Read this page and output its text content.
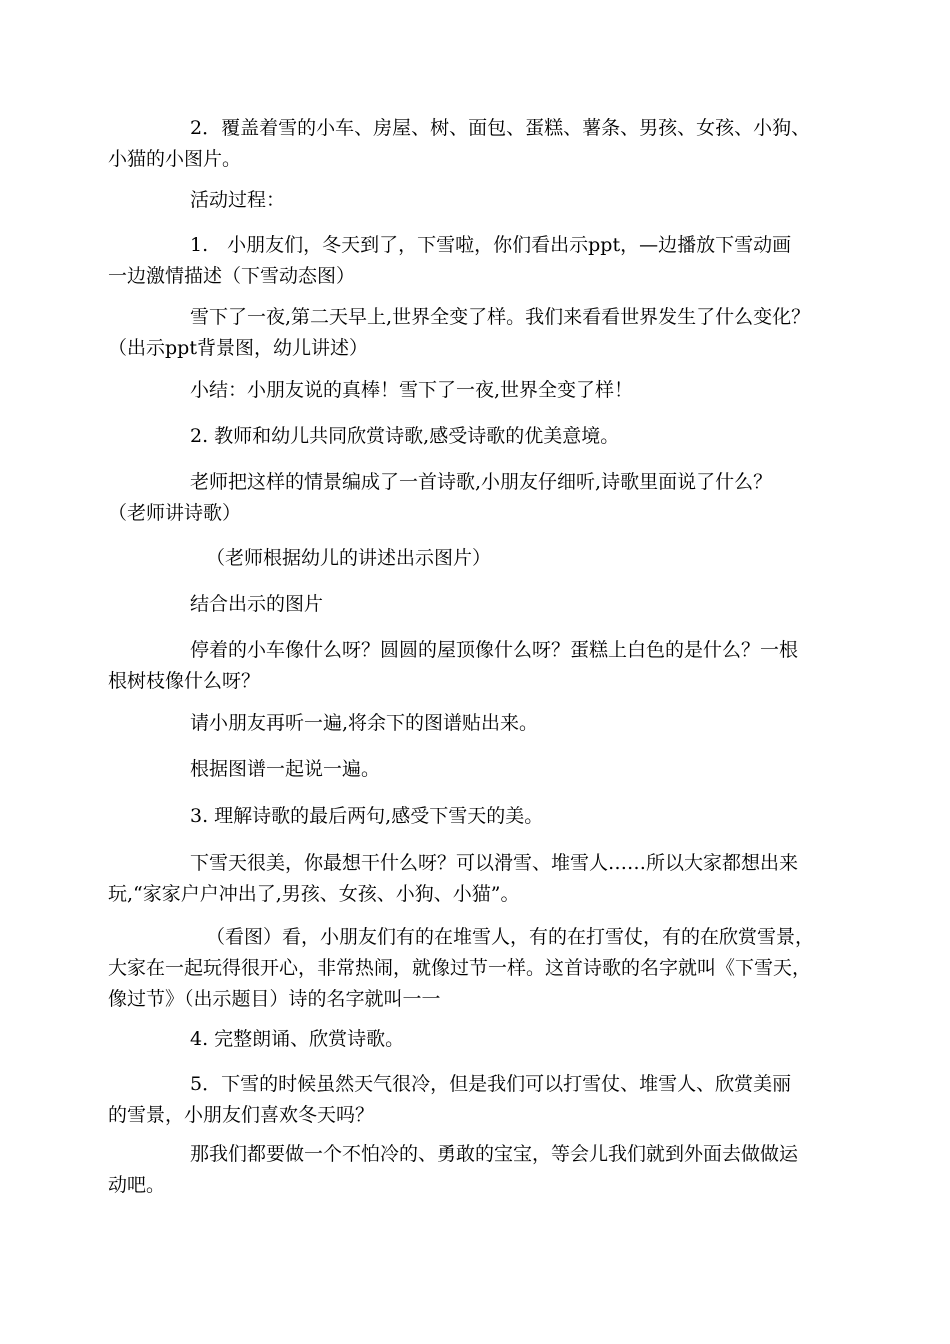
2．覆盖着雪的小车、房屋、树、面包、蛋糕、薯条、男孩、女孩、小狗、
小猫的小图片。

活动过程：

1.　小朋友们，冬天到了，下雪啦，你们看出示ppt，—边播放下雪动画
一边激情描述（下雪动态图）

雪下了一夜,第二天早上,世界全变了样。我们来看看世界发生了什么变化？
（出示ppt背景图，幼儿讲述）

小结：小朋友说的真棒！雪下了一夜,世界全变了样！

2. 教师和幼儿共同欣赏诗歌,感受诗歌的优美意境。

老师把这样的情景编成了一首诗歌,小朋友仔细听,诗歌里面说了什么？
（老师讲诗歌）

（老师根据幼儿的讲述出示图片）

结合出示的图片

停着的小车像什么呀？圆圆的屋顶像什么呀？蛋糕上白色的是什么？一根
根树枝像什么呀？

请小朋友再听一遍,将余下的图谱贴出来。

根据图谱一起说一遍。

3. 理解诗歌的最后两句,感受下雪天的美。

下雪天很美，你最想干什么呀？可以滑雪、堆雪人……所以大家都想出来
玩,“家家户户冲出了,男孩、女孩、小狗、小猫”。

（看图）看，小朋友们有的在堆雪人，有的在打雪仗，有的在欣赏雪景，
大家在一起玩得很开心，非常热闹，就像过节一样。这首诗歌的名字就叫《下雪天，
像过节》（出示题目）诗的名字就叫一一

4. 完整朗诵、欣赏诗歌。

5．下雪的时候虽然天气很冷，但是我们可以打雪仗、堆雪人、欣赏美丽
的雪景，小朋友们喜欢冬天吗？

那我们都要做一个不怕冷的、勇敢的宝宝，等会儿我们就到外面去做做运
动吧。
